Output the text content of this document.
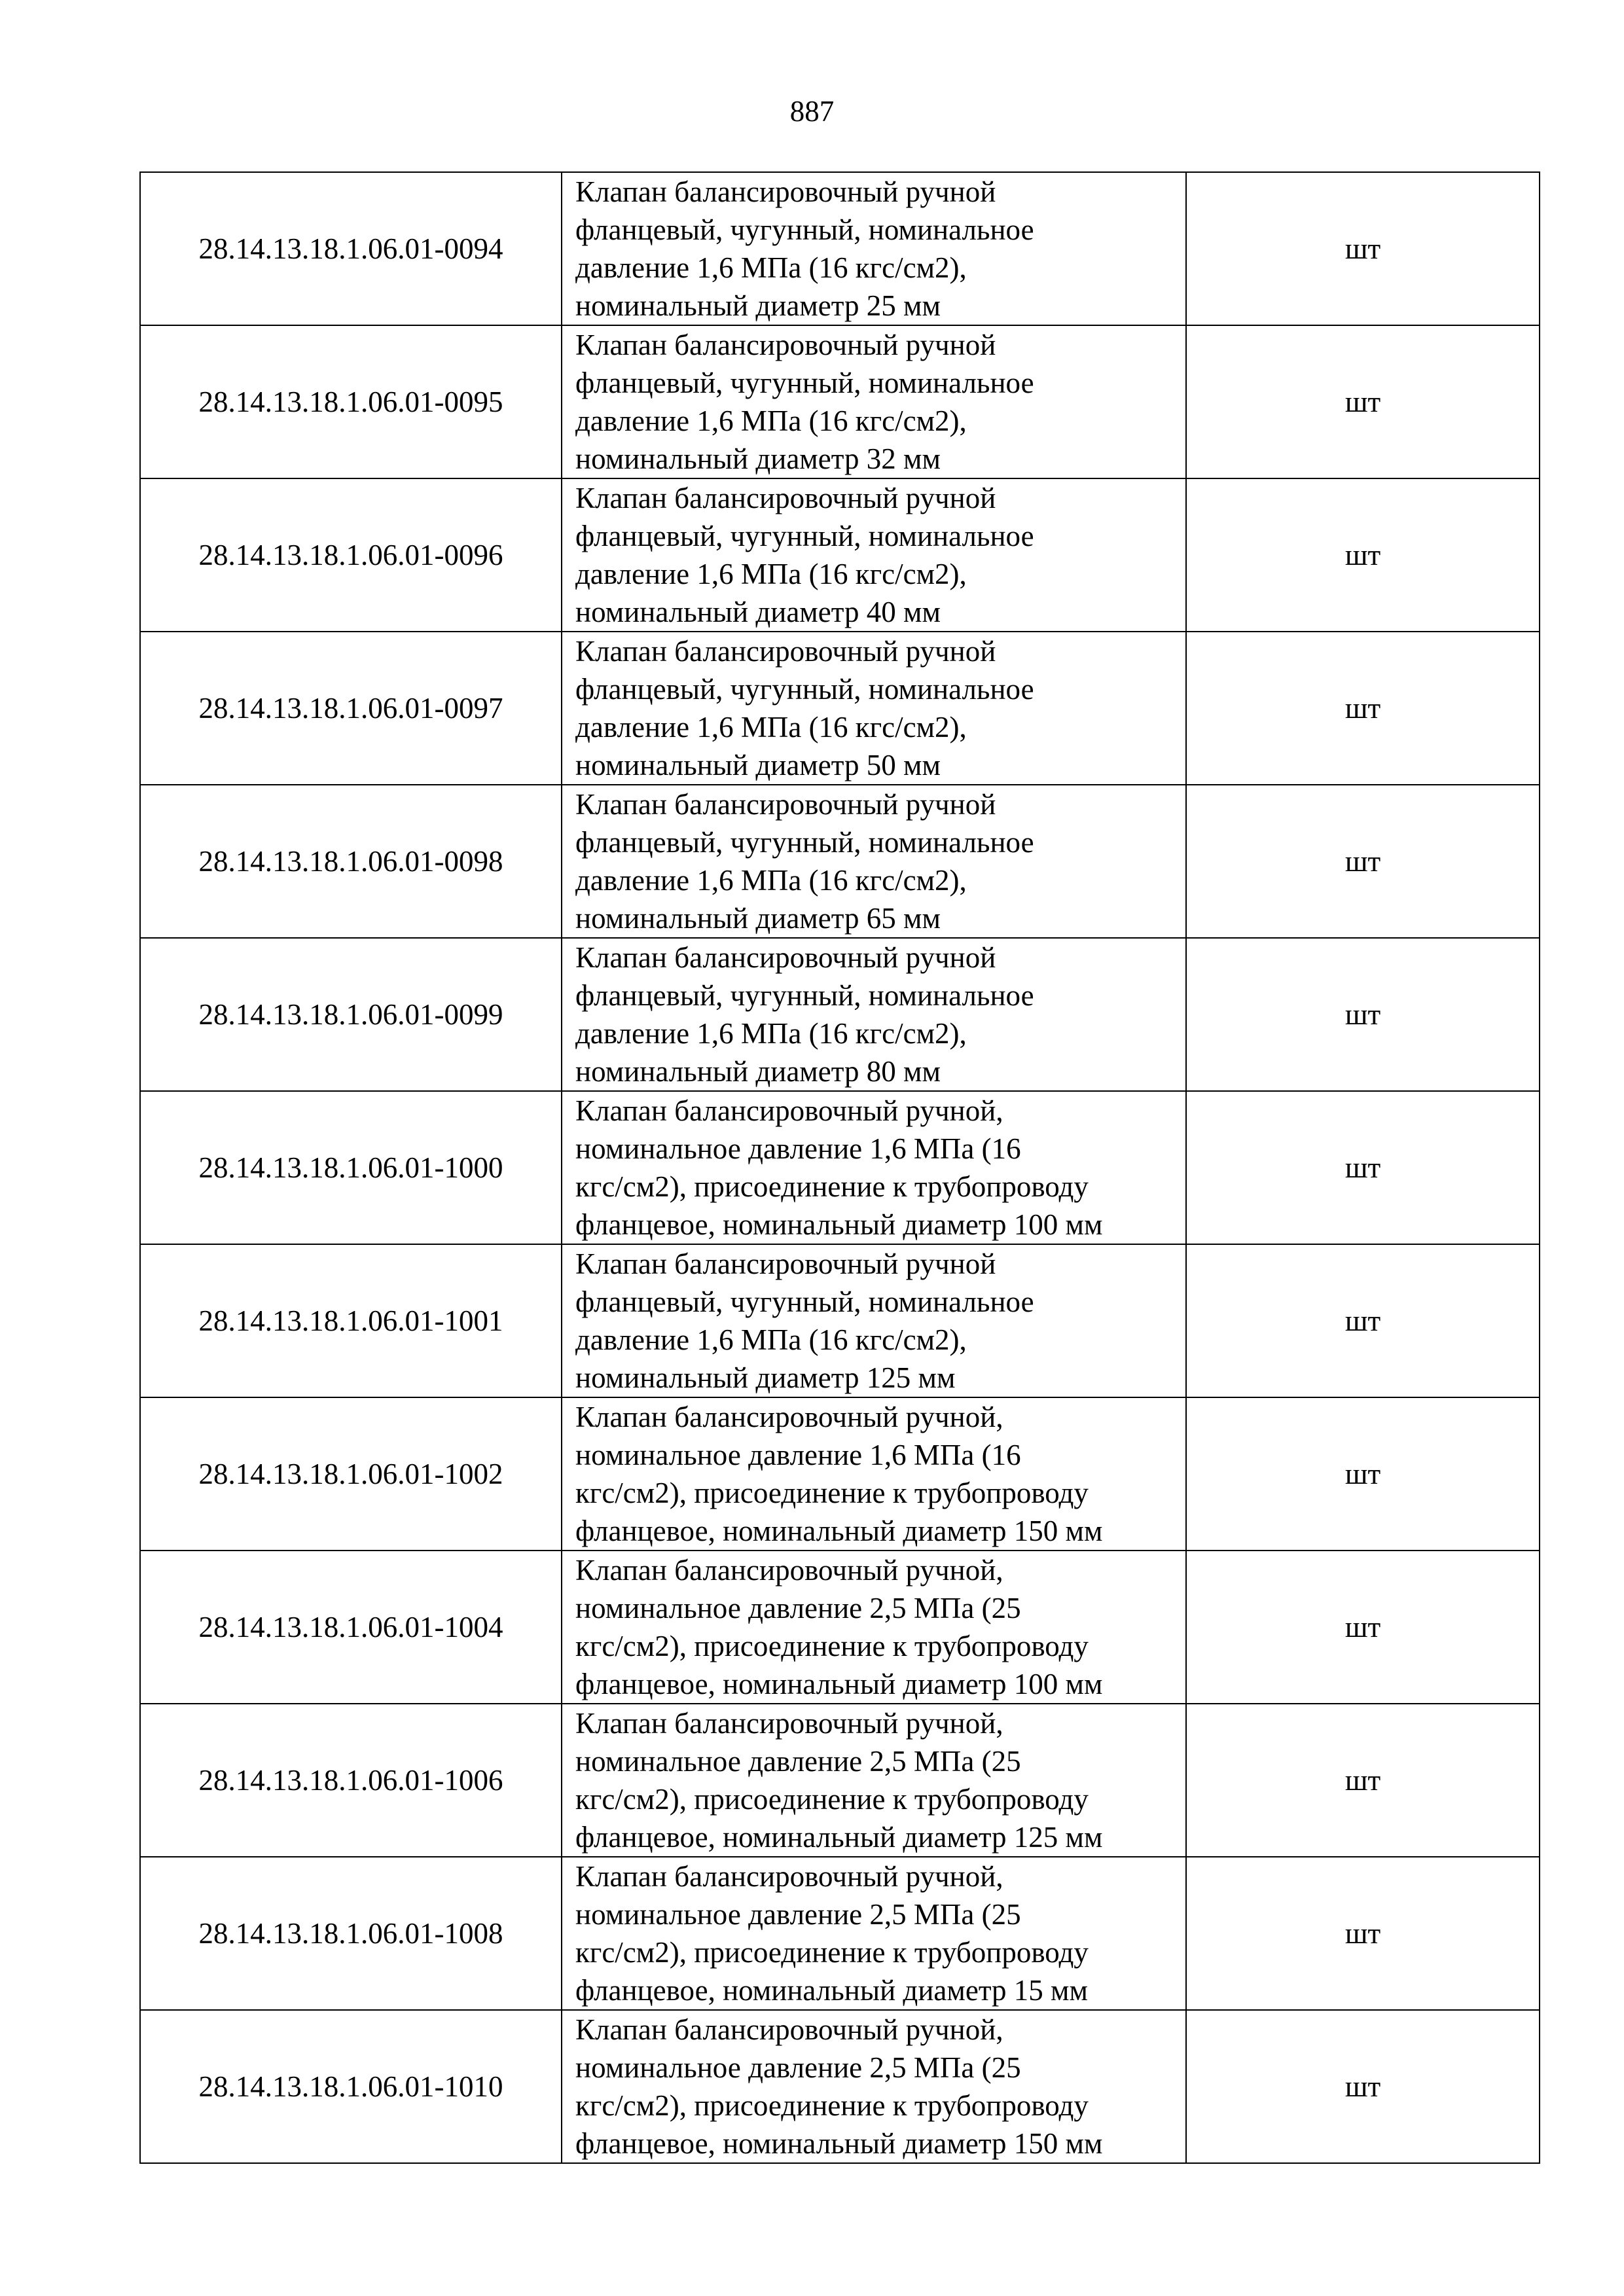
887
28.14.13.18.1.06.01-0094	Клапан балансировочный ручной
фланцевый, чугунный, номинальное
давление 1,6 МПа (16 кгс/см2),
номинальный диаметр 25 мм	шт
28.14.13.18.1.06.01-0095	Клапан балансировочный ручной
фланцевый, чугунный, номинальное
давление 1,6 МПа (16 кгс/см2),
номинальный диаметр 32 мм	шт
28.14.13.18.1.06.01-0096	Клапан балансировочный ручной
фланцевый, чугунный, номинальное
давление 1,6 МПа (16 кгс/см2),
номинальный диаметр 40 мм	шт
28.14.13.18.1.06.01-0097	Клапан балансировочный ручной
фланцевый, чугунный, номинальное
давление 1,6 МПа (16 кгс/см2),
номинальный диаметр 50 мм	шт
28.14.13.18.1.06.01-0098	Клапан балансировочный ручной
фланцевый, чугунный, номинальное
давление 1,6 МПа (16 кгс/см2),
номинальный диаметр 65 мм	шт
28.14.13.18.1.06.01-0099	Клапан балансировочный ручной
фланцевый, чугунный, номинальное
давление 1,6 МПа (16 кгс/см2),
номинальный диаметр 80 мм	шт
28.14.13.18.1.06.01-1000	Клапан балансировочный ручной,
номинальное давление 1,6 МПа (16
кгс/см2), присоединение к трубопроводу
фланцевое, номинальный диаметр 100 мм	шт
28.14.13.18.1.06.01-1001	Клапан балансировочный ручной
фланцевый, чугунный, номинальное
давление 1,6 МПа (16 кгс/см2),
номинальный диаметр 125 мм	шт
28.14.13.18.1.06.01-1002	Клапан балансировочный ручной,
номинальное давление 1,6 МПа (16
кгс/см2), присоединение к трубопроводу
фланцевое, номинальный диаметр 150 мм	шт
28.14.13.18.1.06.01-1004	Клапан балансировочный ручной,
номинальное давление 2,5 МПа (25
кгс/см2), присоединение к трубопроводу
фланцевое, номинальный диаметр 100 мм	шт
28.14.13.18.1.06.01-1006	Клапан балансировочный ручной,
номинальное давление 2,5 МПа (25
кгс/см2), присоединение к трубопроводу
фланцевое, номинальный диаметр 125 мм	шт
28.14.13.18.1.06.01-1008	Клапан балансировочный ручной,
номинальное давление 2,5 МПа (25
кгс/см2), присоединение к трубопроводу
фланцевое, номинальный диаметр 15 мм	шт
28.14.13.18.1.06.01-1010	Клапан балансировочный ручной,
номинальное давление 2,5 МПа (25
кгс/см2), присоединение к трубопроводу
фланцевое, номинальный диаметр 150 мм	шт
